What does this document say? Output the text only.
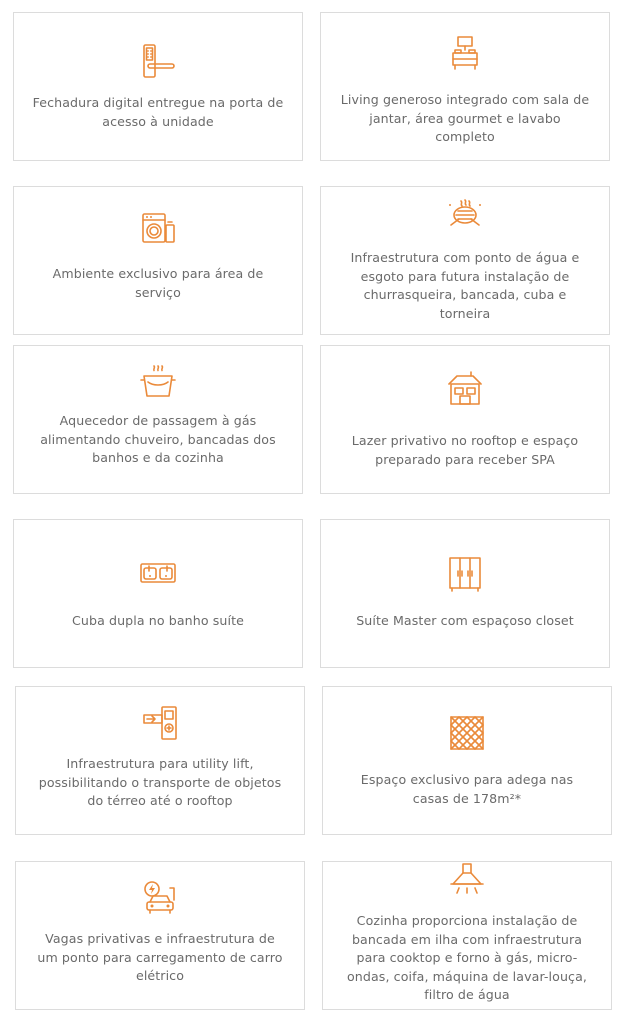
Fechadura digital entregue na porta de acesso à unidade
Living generoso integrado com sala de jantar, área gourmet e lavabo completo
Ambiente exclusivo para área de serviço
Infraestrutura com ponto de água e esgoto para futura instalação de churrasqueira, bancada, cuba e torneira
Aquecedor de passagem à gás alimentando chuveiro, bancadas dos banhos e da cozinha
Lazer privativo no rooftop e espaço preparado para receber SPA
Cuba dupla no banho suíte	Suíte Master com espaçoso closet
Infraestrutura para utility lift, possibilitando o transporte de objetos do térreo até o rooftop
Espaço exclusivo para adega nas casas de 178m²*
Vagas privativas e infraestrutura de um ponto para carregamento de carro elétrico
Cozinha proporciona instalação de bancada em ilha com infraestrutura para cooktop e forno à gás, micro-ondas, coifa, máquina de lavar-louça, filtro de água
